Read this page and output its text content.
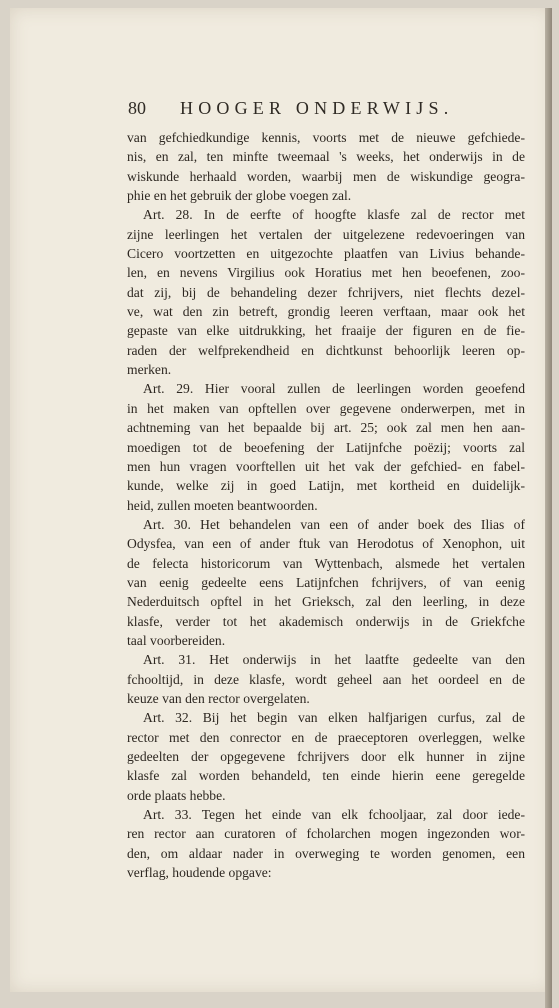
80 HOOGER ONDERWIJS.
van gefchiedkundige kennis, voorts met de nieuwe gefchiede-
nis, en zal, ten minfte tweemaal 's weeks, het onderwijs in de
wiskunde herhaald worden, waarbij men de wiskundige geogra-
phie en het gebruik der globe voegen zal.
Art. 28. In de eerfte of hoogfte klasfe zal de rector met
zijne leerlingen het vertalen der uitgelezene redevoeringen van
Cicero voortzetten en uitgezochte plaatfen van Livius behande-
len, en nevens Virgilius ook Horatius met hen beoefenen, zoo-
dat zij, bij de behandeling dezer fchrijvers, niet flechts dezel-
ve, wat den zin betreft, grondig leeren verftaan, maar ook het
gepaste van elke uitdrukking, het fraaije der figuren en de fie-
raden der welfprekendheid en dichtkunst behoorlijk leeren op-
merken.
Art. 29. Hier vooral zullen de leerlingen worden geoefend
in het maken van opftellen over gegevene onderwerpen, met in
achtneming van het bepaalde bij art. 25; ook zal men hen aan-
moedigen tot de beoefening der Latijnfche poëzij; voorts zal
men hun vragen voorftellen uit het vak der gefchied- en fabel-
kunde, welke zij in goed Latijn, met kortheid en duidelijk-
heid, zullen moeten beantwoorden.
Art. 30. Het behandelen van een of ander boek des Ilias of
Odysfea, van een of ander ftuk van Herodotus of Xenophon, uit
de felecta historicorum van Wyttenbach, alsmede het vertalen
van eenig gedeelte eens Latijnfchen fchrijvers, of van eenig
Nederduitsch opftel in het Grieksch, zal den leerling, in deze
klasfe, verder tot het akademisch onderwijs in de Griekfche
taal voorbereiden.
Art. 31. Het onderwijs in het laatfte gedeelte van den
fchooltijd, in deze klasfe, wordt geheel aan het oordeel en de
keuze van den rector overgelaten.
Art. 32. Bij het begin van elken halfjarigen curfus, zal de
rector met den conrector en de praeceptoren overleggen, welke
gedeelten der opgegevene fchrijvers door elk hunner in zijne
klasfe zal worden behandeld, ten einde hierin eene geregelde
orde plaats hebbe.
Art. 33. Tegen het einde van elk fchooljaar, zal door iede-
ren rector aan curatoren of fcholarchen mogen ingezonden wor-
den, om aldaar nader in overweging te worden genomen, een
verflag, houdende opgave:
